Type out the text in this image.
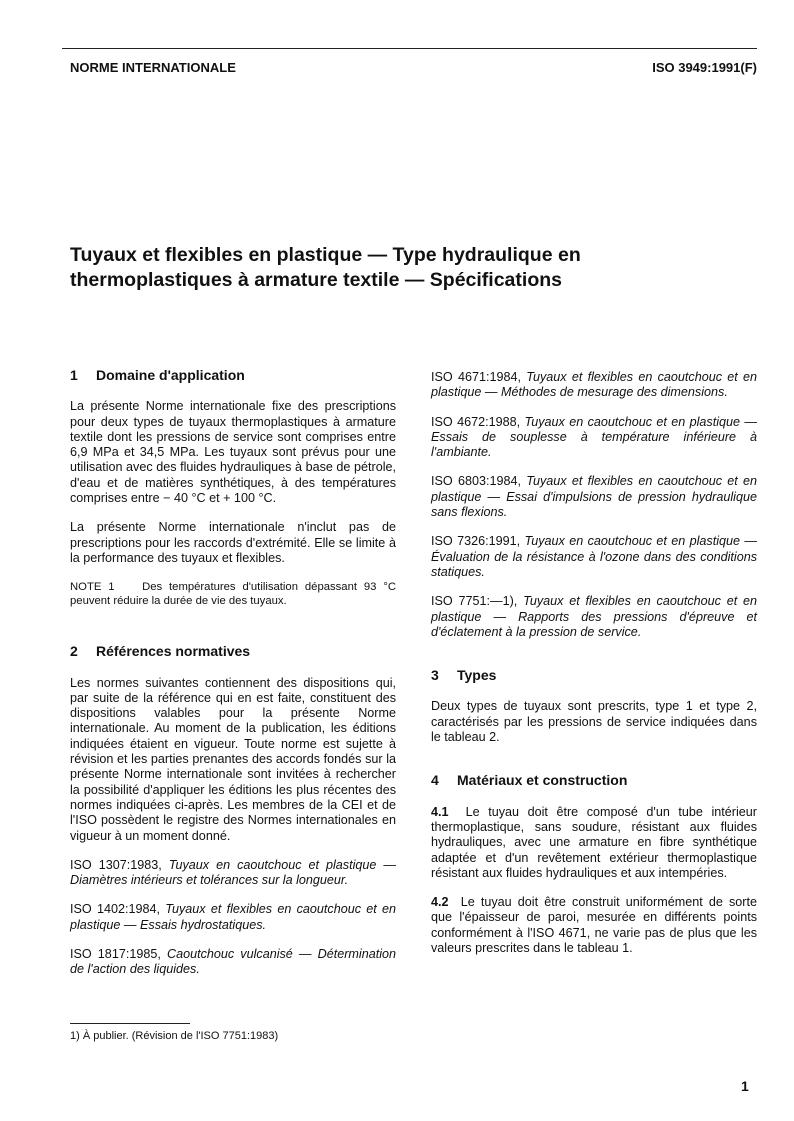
NORME INTERNATIONALE	ISO 3949:1991(F)
Tuyaux et flexibles en plastique — Type hydraulique en
thermoplastiques à armature textile — Spécifications
1 Domaine d'application

La présente Norme internationale fixe des prescriptions pour deux types de tuyaux thermoplastiques à armature textile dont les pressions de service sont comprises entre 6,9 MPa et 34,5 MPa. Les tuyaux sont prévus pour une utilisation avec des fluides hydrauliques à base de pétrole, d'eau et de matières synthétiques, à des températures comprises entre − 40 °C et + 100 °C.

La présente Norme internationale n'inclut pas de prescriptions pour les raccords d'extrémité. Elle se limite à la performance des tuyaux et flexibles.

NOTE 1 Des températures d'utilisation dépassant 93 °C peuvent réduire la durée de vie des tuyaux.

2 Références normatives

Les normes suivantes contiennent des dispositions qui, par suite de la référence qui en est faite, constituent des dispositions valables pour la présente Norme internationale. Au moment de la publication, les éditions indiquées étaient en vigueur. Toute norme est sujette à révision et les parties prenantes des accords fondés sur la présente Norme internationale sont invitées à rechercher la possibilité d'appliquer les éditions les plus récentes des normes indiquées ci-après. Les membres de la CEI et de l'ISO possèdent le registre des Normes internationales en vigueur à un moment donné.

ISO 1307:1983, Tuyaux en caoutchouc et plastique — Diamètres intérieurs et tolérances sur la longueur.

ISO 1402:1984, Tuyaux et flexibles en caoutchouc et en plastique — Essais hydrostatiques.

ISO 1817:1985, Caoutchouc vulcanisé — Détermination de l'action des liquides.

ISO 4671:1984, Tuyaux et flexibles en caoutchouc et en plastique — Méthodes de mesurage des dimensions.

ISO 4672:1988, Tuyaux en caoutchouc et en plastique — Essais de souplesse à température inférieure à l'ambiante.

ISO 6803:1984, Tuyaux et flexibles en caoutchouc et en plastique — Essai d'impulsions de pression hydraulique sans flexions.

ISO 7326:1991, Tuyaux en caoutchouc et en plastique — Évaluation de la résistance à l'ozone dans des conditions statiques.

ISO 7751:—1), Tuyaux et flexibles en caoutchouc et en plastique — Rapports des pressions d'épreuve et d'éclatement à la pression de service.

3 Types

Deux types de tuyaux sont prescrits, type 1 et type 2, caractérisés par les pressions de service indiquées dans le tableau 2.

4 Matériaux et construction

4.1 Le tuyau doit être composé d'un tube intérieur thermoplastique, sans soudure, résistant aux fluides hydrauliques, avec une armature en fibre synthétique adaptée et d'un revêtement extérieur thermoplastique résistant aux fluides hydrauliques et aux intempéries.

4.2 Le tuyau doit être construit uniformément de sorte que l'épaisseur de paroi, mesurée en différents points conformément à l'ISO 4671, ne varie pas de plus que les valeurs prescrites dans le tableau 1.

1) À publier. (Révision de l'ISO 7751:1983)
1
